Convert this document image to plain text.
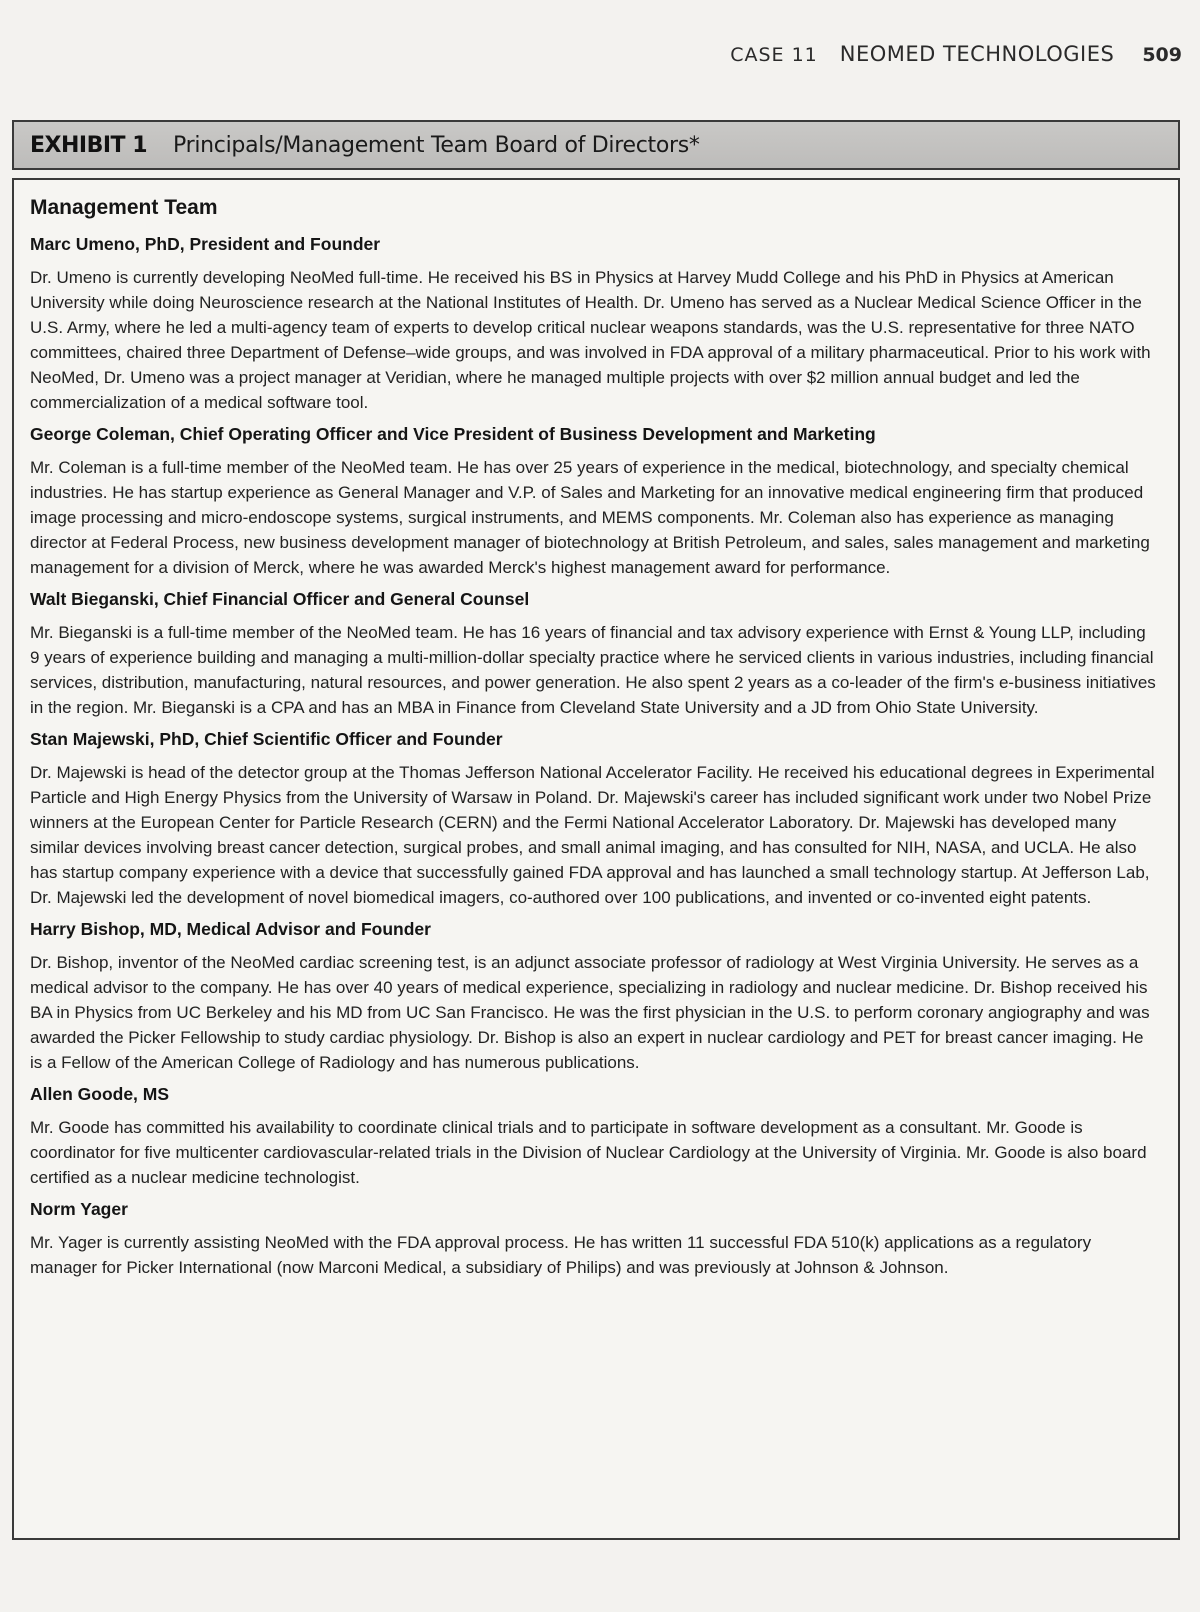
CASE 11 NEOMED TECHNOLOGIES 509
EXHIBIT 1 Principals/Management Team Board of Directors*
Management Team
Marc Umeno, PhD, President and Founder

Dr. Umeno is currently developing NeoMed full-time. He received his BS in Physics at Harvey Mudd College and his PhD in Physics at American University while doing Neuroscience research at the National Institutes of Health. Dr. Umeno has served as a Nuclear Medical Science Officer in the U.S. Army, where he led a multi-agency team of experts to develop critical nuclear weapons standards, was the U.S. representative for three NATO committees, chaired three Department of Defense–wide groups, and was involved in FDA approval of a military pharmaceutical. Prior to his work with NeoMed, Dr. Umeno was a project manager at Veridian, where he managed multiple projects with over $2 million annual budget and led the commercialization of a medical software tool.

George Coleman, Chief Operating Officer and Vice President of Business Development and Marketing

Mr. Coleman is a full-time member of the NeoMed team. He has over 25 years of experience in the medical, biotechnology, and specialty chemical industries. He has startup experience as General Manager and V.P. of Sales and Marketing for an innovative medical engineering firm that produced image processing and micro-endoscope systems, surgical instruments, and MEMS components. Mr. Coleman also has experience as managing director at Federal Process, new business development manager of biotechnology at British Petroleum, and sales, sales management and marketing management for a division of Merck, where he was awarded Merck's highest management award for performance.

Walt Bieganski, Chief Financial Officer and General Counsel

Mr. Bieganski is a full-time member of the NeoMed team. He has 16 years of financial and tax advisory experience with Ernst & Young LLP, including 9 years of experience building and managing a multi-million-dollar specialty practice where he serviced clients in various industries, including financial services, distribution, manufacturing, natural resources, and power generation. He also spent 2 years as a co-leader of the firm's e-business initiatives in the region. Mr. Bieganski is a CPA and has an MBA in Finance from Cleveland State University and a JD from Ohio State University.

Stan Majewski, PhD, Chief Scientific Officer and Founder

Dr. Majewski is head of the detector group at the Thomas Jefferson National Accelerator Facility. He received his educational degrees in Experimental Particle and High Energy Physics from the University of Warsaw in Poland. Dr. Majewski's career has included significant work under two Nobel Prize winners at the European Center for Particle Research (CERN) and the Fermi National Accelerator Laboratory. Dr. Majewski has developed many similar devices involving breast cancer detection, surgical probes, and small animal imaging, and has consulted for NIH, NASA, and UCLA. He also has startup company experience with a device that successfully gained FDA approval and has launched a small technology startup. At Jefferson Lab, Dr. Majewski led the development of novel biomedical imagers, co-authored over 100 publications, and invented or co-invented eight patents.

Harry Bishop, MD, Medical Advisor and Founder

Dr. Bishop, inventor of the NeoMed cardiac screening test, is an adjunct associate professor of radiology at West Virginia University. He serves as a medical advisor to the company. He has over 40 years of medical experience, specializing in radiology and nuclear medicine. Dr. Bishop received his BA in Physics from UC Berkeley and his MD from UC San Francisco. He was the first physician in the U.S. to perform coronary angiography and was awarded the Picker Fellowship to study cardiac physiology. Dr. Bishop is also an expert in nuclear cardiology and PET for breast cancer imaging. He is a Fellow of the American College of Radiology and has numerous publications.

Allen Goode, MS

Mr. Goode has committed his availability to coordinate clinical trials and to participate in software development as a consultant. Mr. Goode is coordinator for five multicenter cardiovascular-related trials in the Division of Nuclear Cardiology at the University of Virginia. Mr. Goode is also board certified as a nuclear medicine technologist.

Norm Yager

Mr. Yager is currently assisting NeoMed with the FDA approval process. He has written 11 successful FDA 510(k) applications as a regulatory manager for Picker International (now Marconi Medical, a subsidiary of Philips) and was previously at Johnson & Johnson.
